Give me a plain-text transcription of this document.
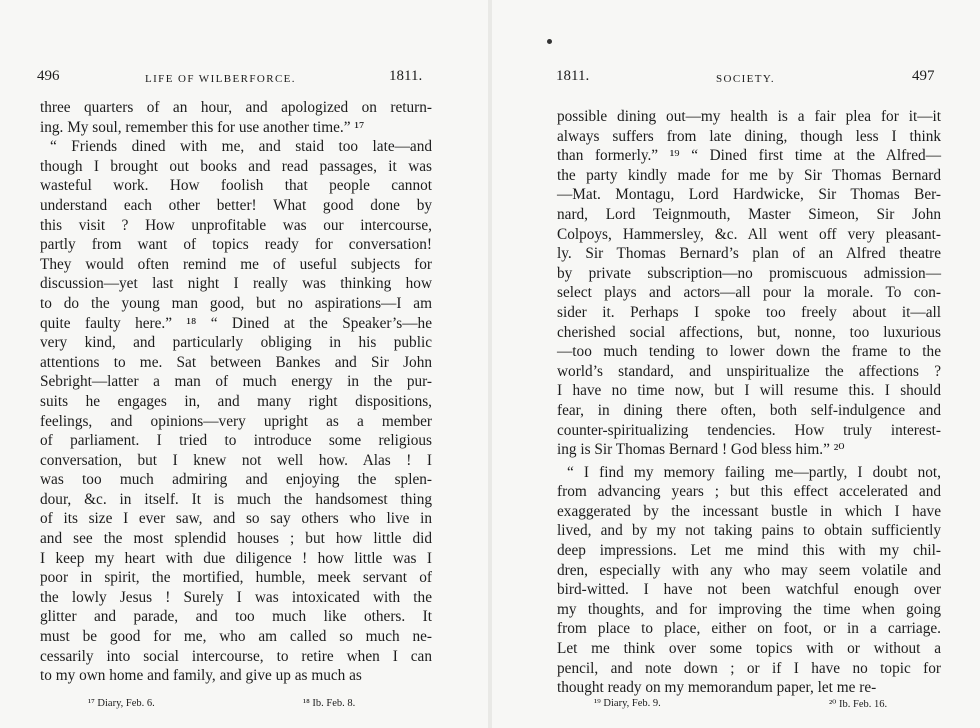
496	LIFE OF WILBERFORCE.	1811.
three quarters of an hour, and apologized on return-
ing. My soul, remember this for use another time.” ¹⁷
“ Friends dined with me, and staid too late—and
though I brought out books and read passages, it was
wasteful work. How foolish that people cannot
understand each other better! What good done by
this visit ? How unprofitable was our intercourse,
partly from want of topics ready for conversation!
They would often remind me of useful subjects for
discussion—yet last night I really was thinking how
to do the young man good, but no aspirations—I am
quite faulty here.” ¹⁸ “ Dined at the Speaker’s—he
very kind, and particularly obliging in his public
attentions to me. Sat between Bankes and Sir John
Sebright—latter a man of much energy in the pur-
suits he engages in, and many right dispositions,
feelings, and opinions—very upright as a member
of parliament. I tried to introduce some religious
conversation, but I knew not well how. Alas ! I
was too much admiring and enjoying the splen-
dour, &c. in itself. It is much the handsomest thing
of its size I ever saw, and so say others who live in
and see the most splendid houses ; but how little did
I keep my heart with due diligence ! how little was I
poor in spirit, the mortified, humble, meek servant of
the lowly Jesus ! Surely I was intoxicated with the
glitter and parade, and too much like others. It
must be good for me, who am called so much ne-
cessarily into social intercourse, to retire when I can
to my own home and family, and give up as much as
¹⁷ Diary, Feb. 6.	¹⁸ Ib. Feb. 8.
1811.	SOCIETY.	497
possible dining out—my health is a fair plea for it—it
always suffers from late dining, though less I think
than formerly.” ¹⁹ “ Dined first time at the Alfred—
the party kindly made for me by Sir Thomas Bernard
—Mat. Montagu, Lord Hardwicke, Sir Thomas Ber-
nard, Lord Teignmouth, Master Simeon, Sir John
Colpoys, Hammersley, &c. All went off very pleasant-
ly. Sir Thomas Bernard’s plan of an Alfred theatre
by private subscription—no promiscuous admission—
select plays and actors—all pour la morale. To con-
sider it. Perhaps I spoke too freely about it—all
cherished social affections, but, nonne, too luxurious
—too much tending to lower down the frame to the
world’s standard, and unspiritualize the affections ?
I have no time now, but I will resume this. I should
fear, in dining there often, both self-indulgence and
counter-spiritualizing tendencies. How truly interest-
ing is Sir Thomas Bernard ! God bless him.” ²⁰
“ I find my memory failing me—partly, I doubt not,
from advancing years ; but this effect accelerated and
exaggerated by the incessant bustle in which I have
lived, and by my not taking pains to obtain sufficiently
deep impressions. Let me mind this with my chil-
dren, especially with any who may seem volatile and
bird-witted. I have not been watchful enough over
my thoughts, and for improving the time when going
from place to place, either on foot, or in a carriage.
Let me think over some topics with or without a
pencil, and note down ; or if I have no topic for
thought ready on my memorandum paper, let me re-
¹⁹ Diary, Feb. 9.	²⁰ Ib. Feb. 16.
